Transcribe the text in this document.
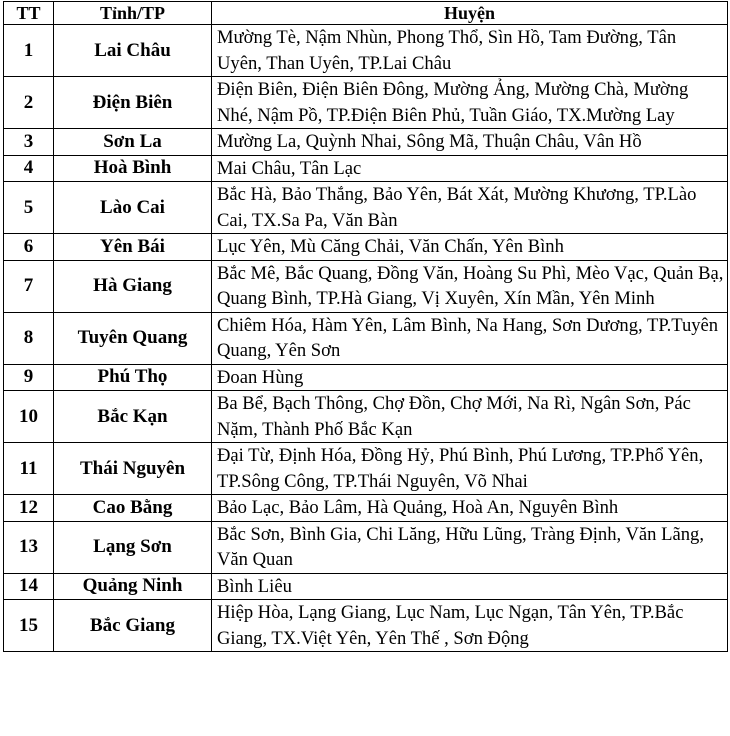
TT	Tỉnh/TP	Huyện
1	Lai Châu	Mường Tè, Nậm Nhùn, Phong Thổ, Sìn Hồ, Tam Đường, Tân Uyên, Than Uyên, TP.Lai Châu
2	Điện Biên	Điện Biên, Điện Biên Đông, Mường Ảng, Mường Chà, Mường Nhé, Nậm Pồ, TP.Điện Biên Phủ, Tuần Giáo, TX.Mường Lay
3	Sơn La	Mường La, Quỳnh Nhai, Sông Mã, Thuận Châu, Vân Hồ
4	Hoà Bình	Mai Châu, Tân Lạc
5	Lào Cai	Bắc Hà, Bảo Thắng, Bảo Yên, Bát Xát, Mường Khương, TP.Lào Cai, TX.Sa Pa, Văn Bàn
6	Yên Bái	Lục Yên, Mù Căng Chải, Văn Chấn, Yên Bình
7	Hà Giang	Bắc Mê, Bắc Quang, Đồng Văn, Hoàng Su Phì, Mèo Vạc, Quản Bạ, Quang Bình, TP.Hà Giang, Vị Xuyên, Xín Mần, Yên Minh
8	Tuyên Quang	Chiêm Hóa, Hàm Yên, Lâm Bình, Na Hang, Sơn Dương, TP.Tuyên Quang, Yên Sơn
9	Phú Thọ	Đoan Hùng
10	Bắc Kạn	Ba Bể, Bạch Thông, Chợ Đồn, Chợ Mới, Na Rì, Ngân Sơn, Pác Nặm, Thành Phố Bắc Kạn
11	Thái Nguyên	Đại Từ, Định Hóa, Đồng Hỷ, Phú Bình, Phú Lương, TP.Phổ Yên, TP.Sông Công, TP.Thái Nguyên, Võ Nhai
12	Cao Bằng	Bảo Lạc, Bảo Lâm, Hà Quảng, Hoà An, Nguyên Bình
13	Lạng Sơn	Bắc Sơn, Bình Gia, Chi Lăng, Hữu Lũng, Tràng Định, Văn Lãng, Văn Quan
14	Quảng Ninh	Bình Liêu
15	Bắc Giang	Hiệp Hòa, Lạng Giang, Lục Nam, Lục Ngạn, Tân Yên, TP.Bắc Giang, TX.Việt Yên, Yên Thế , Sơn Động
